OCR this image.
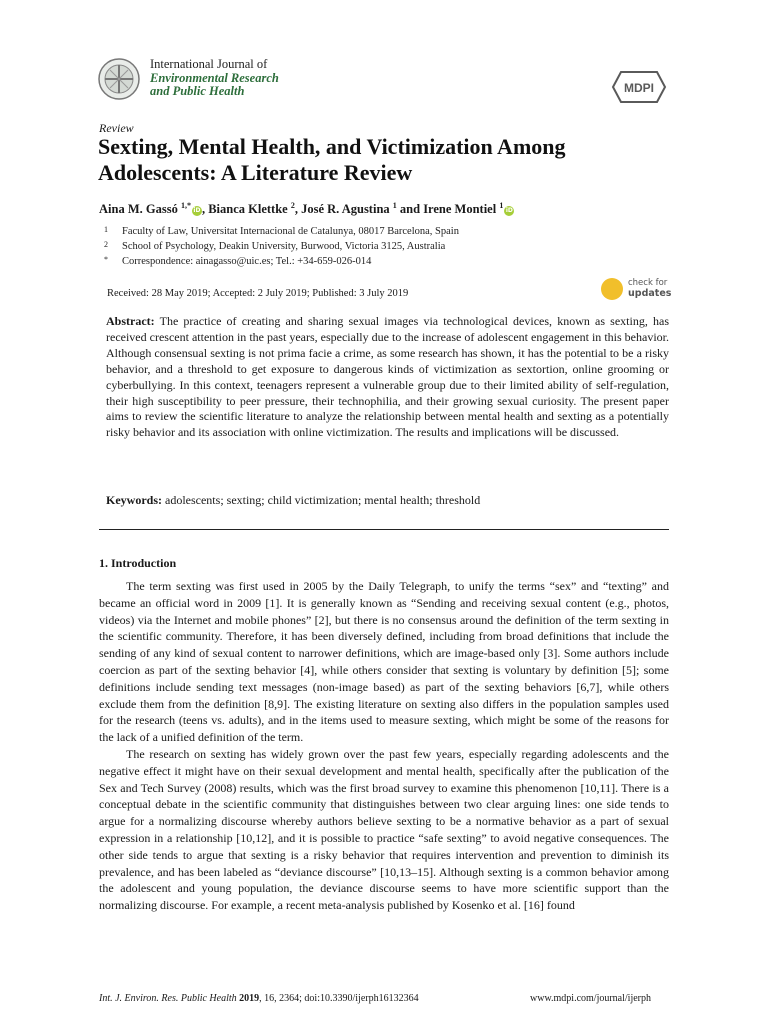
International Journal of
Environmental Research
and Public Health	MDPI
Review
Sexting, Mental Health, and Victimization Among Adolescents: A Literature Review
Aina M. Gassó $^{1,*}$iD, Bianca Klettke $^2$, José R. Agustina $^1$ and Irene Montiel $^1$iD
1 Faculty of Law, Universitat Internacional de Catalunya, 08017 Barcelona, Spain
2 School of Psychology, Deakin University, Burwood, Victoria 3125, Australia
* Correspondence: ainagasso@uic.es; Tel.: +34-659-026-014
Received: 28 May 2019; Accepted: 2 July 2019; Published: 3 July 2019
check for
updates
Abstract: The practice of creating and sharing sexual images via technological devices, known as sexting, has received crescent attention in the past years, especially due to the increase of adolescent engagement in this behavior. Although consensual sexting is not prima facie a crime, as some research has shown, it has the potential to be a risky behavior, and a threshold to get exposure to dangerous kinds of victimization as sextortion, online grooming or cyberbullying. In this context, teenagers represent a vulnerable group due to their limited ability of self-regulation, their high susceptibility to peer pressure, their technophilia, and their growing sexual curiosity. The present paper aims to review the scientific literature to analyze the relationship between mental health and sexting as a potentially risky behavior and its association with online victimization. The results and implications will be discussed.
Keywords: adolescents; sexting; child victimization; mental health; threshold
1. Introduction

The term sexting was first used in 2005 by the Daily Telegraph, to unify the terms “sex” and “texting” and became an official word in 2009 [1]. It is generally known as “Sending and receiving sexual content (e.g., photos, videos) via the Internet and mobile phones” [2], but there is no consensus around the definition of the term sexting in the scientific community. Therefore, it has been diversely defined, including from broad definitions that include the sending of any kind of sexual content to narrower definitions, which are image-based only [3]. Some authors include coercion as part of the sexting behavior [4], while others consider that sexting is voluntary by definition [5]; some definitions include sending text messages (non-image based) as part of the sexting behaviors [6,7], while others exclude them from the definition [8,9]. The existing literature on sexting also differs in the population samples used for the research (teens vs. adults), and in the items used to measure sexting, which might be some of the reasons for the lack of a unified definition of the term.

The research on sexting has widely grown over the past few years, especially regarding adolescents and the negative effect it might have on their sexual development and mental health, specifically after the publication of the Sex and Tech Survey (2008) results, which was the first broad survey to examine this phenomenon [10,11]. There is a conceptual debate in the scientific community that distinguishes between two clear arguing lines: one side tends to argue for a normalizing discourse whereby authors believe sexting to be a normative behavior as a part of sexual expression in a relationship [10,12], and it is possible to practice “safe sexting” to avoid negative consequences. The other side tends to argue that sexting is a risky behavior that requires intervention and prevention to diminish its prevalence, and has been labeled as “deviance discourse” [10,13–15]. Although sexting is a common behavior among the adolescent and young population, the deviance discourse seems to have more scientific support than the normalizing discourse. For example, a recent meta-analysis published by Kosenko et al. [16] found

Int. J. Environ. Res. Public Health 2019, 16, 2364; doi:10.3390/ijerph16132364	www.mdpi.com/journal/ijerph
